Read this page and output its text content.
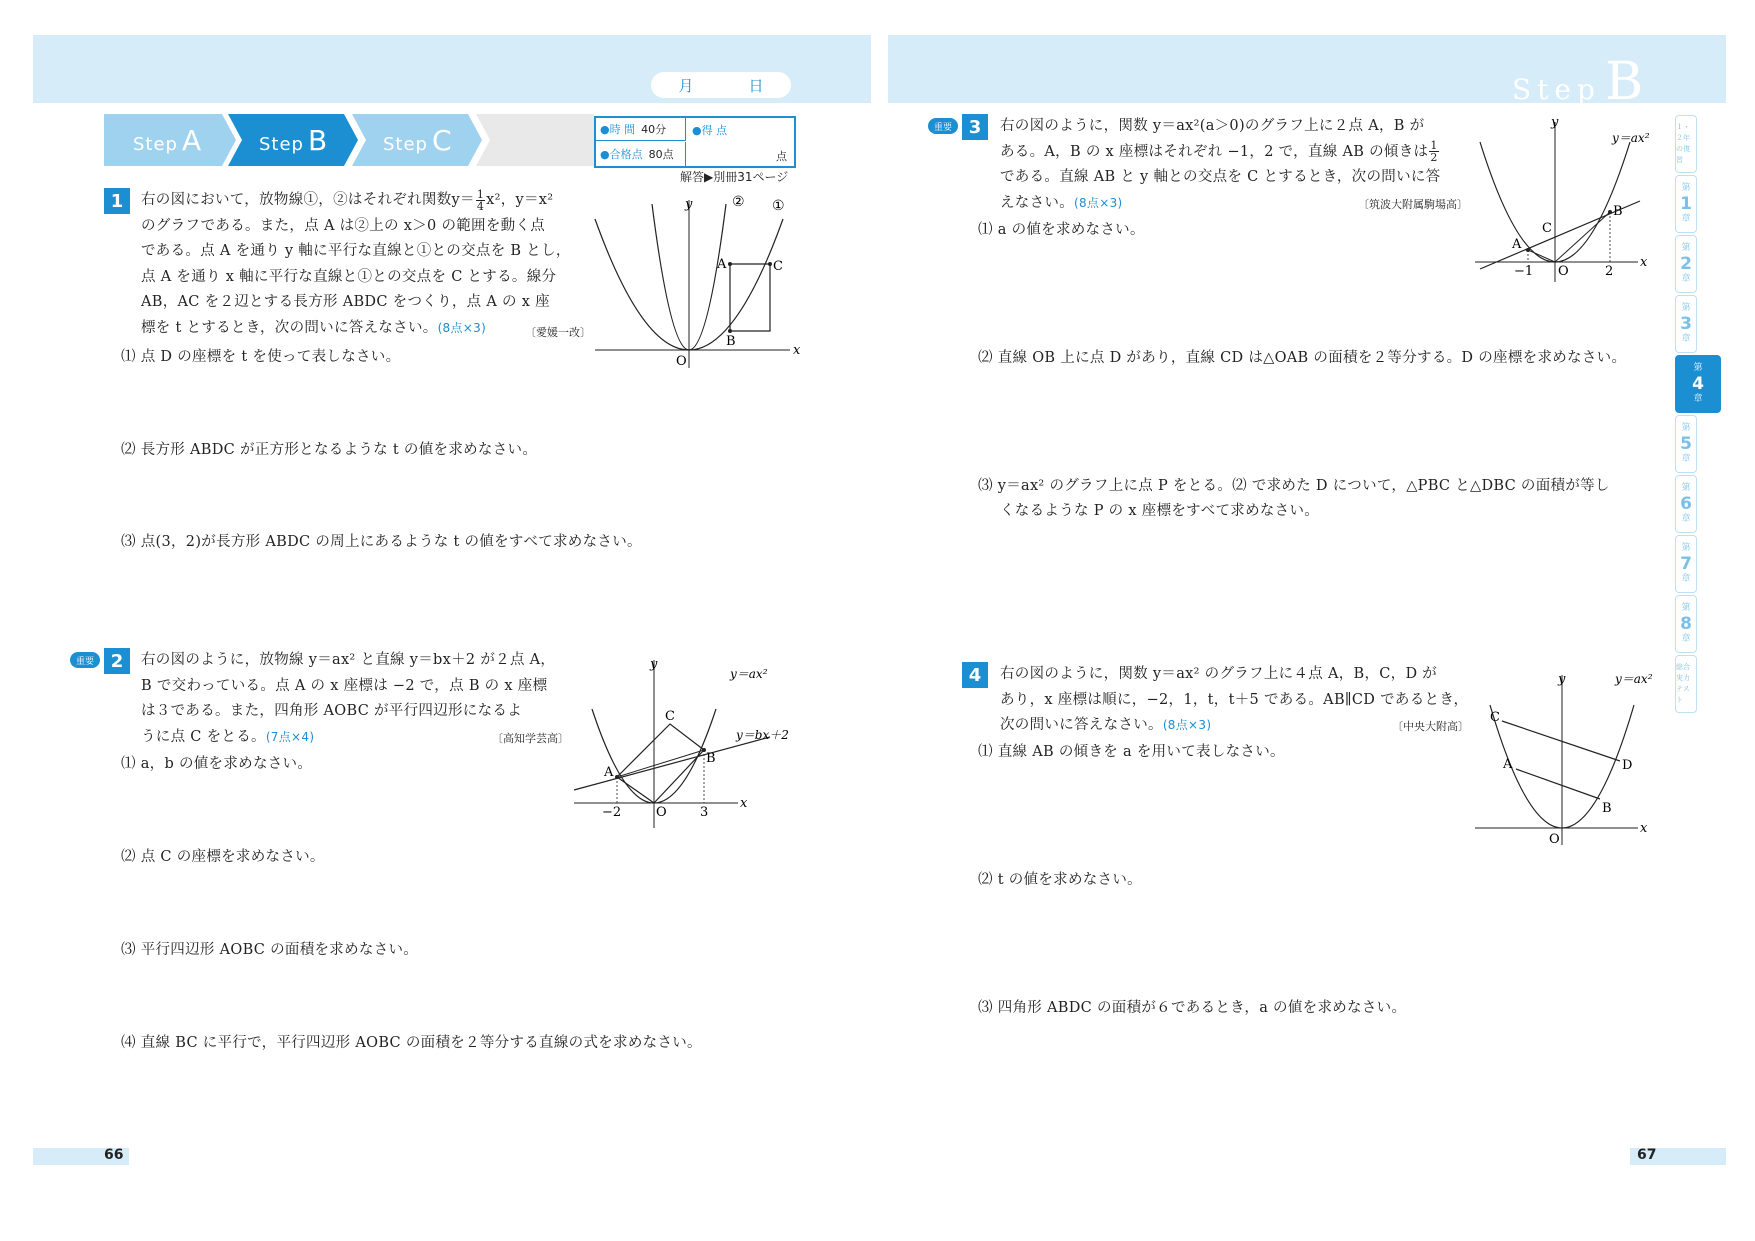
月	日
Step A	Step B	Step C	●時 間 40分
●合格点 80点
●得 点
点
解答▶別冊31ページ
1	右の図において，放物線①，②はそれぞれ関数$y= \frac{1}{4} x^2$，y＝x²
のグラフである。また，点 A は②上の x＞0 の範囲を動く点
である。点 A を通り y 軸に平行な直線と①との交点を B とし，
点 A を通り x 軸に平行な直線と①との交点を C とする。線分
AB，AC を２辺とする長方形 ABDC をつくり，点 A の x 座
標を t とするとき，次の問いに答えなさい。(8点×3)	〔愛媛一改〕
⑴ 点 D の座標を t を使って表しなさい。
⑵ 長方形 ABDC が正方形となるような t の値を求めなさい。
⑶ 点(3，2)が長方形 ABDC の周上にあるような t の値をすべて求めなさい。
y
x
O
①
②
A	C
B
重要 2	右の図のように，放物線 y＝ax² と直線 y＝bx＋2 が２点 A，
B で交わっている。点 A の x 座標は −2 で，点 B の x 座標
は３である。また，四角形 AOBC が平行四辺形になるよ
うに点 C をとる。(7点×4)	〔高知学芸高〕
⑴ a，b の値を求めなさい。
⑵ 点 C の座標を求めなさい。
⑶ 平行四辺形 AOBC の面積を求めなさい。
⑷ 直線 BC に平行で，平行四辺形 AOBC の面積を２等分する直線の式を求めなさい。
y
x
O
y＝ax²
y＝bx＋2
A
B
C
−2	3
66
StepB
１・２年の復習
第
1
章
第
2
章
第
3
章
第
4
章
第
5
章
第
6
章
第
7
章
第
8
章
総合実力テスト
重要 3	右の図のように，関数 y＝ax²(a＞0)のグラフ上に２点 A，B が
ある。A，B の x 座標はそれぞれ −1，2 で，直線 AB の傾きは $\frac{1}{2}$
である。直線 AB と y 軸との交点を C とするとき，次の問いに答
えなさい。(8点×3)	〔筑波大附属駒場高〕
⑴ a の値を求めなさい。
⑵ 直線 OB 上に点 D があり，直線 CD は△OAB の面積を２等分する。D の座標を求めなさい。
⑶ y＝ax² のグラフ上に点 P をとる。⑵ で求めた D について，△PBC と△DBC の面積が等し
くなるような P の x 座標をすべて求めなさい。
y
x
O
y＝ax²
A
B
C
−1	2
4	右の図のように，関数 y＝ax² のグラフ上に４点 A，B，C，D が
あり，x 座標は順に，−2，1，t，t＋5 である。AB∥CD であるとき，
次の問いに答えなさい。(8点×3)	〔中央大附高〕
⑴ 直線 AB の傾きを a を用いて表しなさい。
⑵ t の値を求めなさい。
⑶ 四角形 ABDC の面積が６であるとき，a の値を求めなさい。
y
x
O
y＝ax²
A
B
C
D
67
